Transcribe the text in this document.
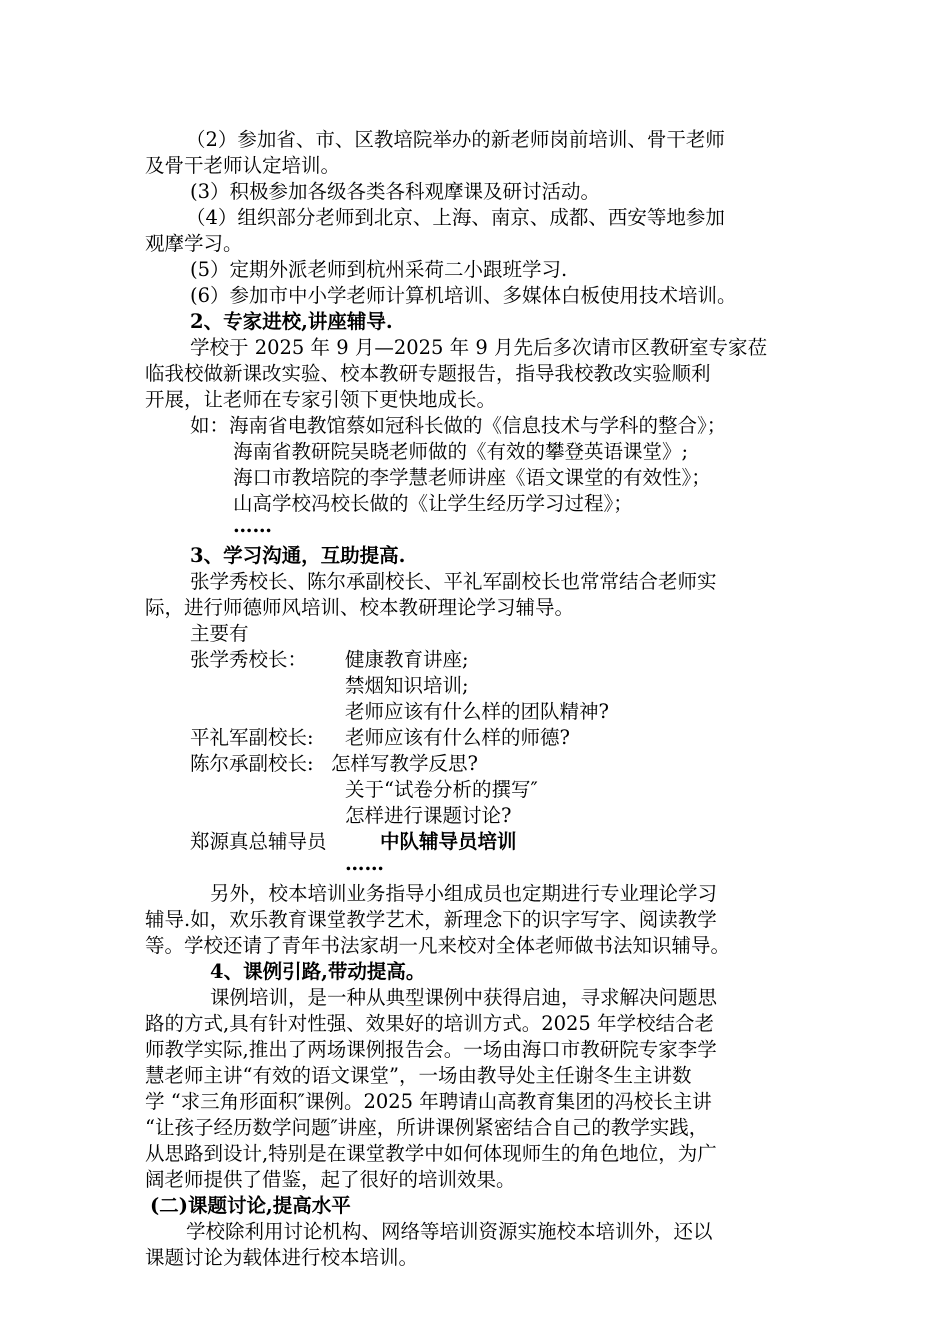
（2）参加省、市、区教培院举办的新老师岗前培训、骨干老师
及骨干老师认定培训。
(3）积极参加各级各类各科观摩课及研讨活动。
（4）组织部分老师到北京、上海、南京、成都、西安等地参加
观摩学习。
(5）定期外派老师到杭州采荷二小跟班学习.
(6）参加市中小学老师计算机培训、多媒体白板使用技术培训。
2、专家进校,讲座辅导.
学校于 2025 年 9 月—2025 年 9 月先后多次请市区教研室专家莅
临我校做新课改实验、校本教研专题报告，指导我校教改实验顺利
开展，让老师在专家引领下更快地成长。
如：海南省电教馆蔡如冠科长做的《信息技术与学科的整合》；
海南省教研院吴晓老师做的《有效的攀登英语课堂》;
海口市教培院的李学慧老师讲座《语文课堂的有效性》；
山高学校冯校长做的《让学生经历学习过程》；
……
3、学习沟通，互助提高.
张学秀校长、陈尔承副校长、平礼军副校长也常常结合老师实
际，进行师德师风培训、校本教研理论学习辅导。
主要有
张学秀校长： 健康教育讲座;
禁烟知识培训;
老师应该有什么样的团队精神?
平礼军副校长: 老师应该有什么样的师德?
陈尔承副校长: 怎样写教学反思?
关于“试卷分析的撰写″
怎样进行课题讨论?
郑源真总辅导员	中队辅导员培训
……
另外，校本培训业务指导小组成员也定期进行专业理论学习
辅导.如，欢乐教育课堂教学艺术，新理念下的识字写字、阅读教学
等。学校还请了青年书法家胡一凡来校对全体老师做书法知识辅导。
4、课例引路,带动提高。
课例培训，是一种从典型课例中获得启迪，寻求解决问题思
路的方式,具有针对性强、效果好的培训方式。2025 年学校结合老
师教学实际,推出了两场课例报告会。一场由海口市教研院专家李学
慧老师主讲“有效的语文课堂”，一场由教导处主任谢冬生主讲数
学 “求三角形面积″课例。2025 年聘请山高教育集团的冯校长主讲
“让孩子经历数学问题″讲座，所讲课例紧密结合自己的教学实践，
从思路到设计,特别是在课堂教学中如何体现师生的角色地位，为广
阔老师提供了借鉴，起了很好的培训效果。
(二)课题讨论,提高水平
学校除利用讨论机构、网络等培训资源实施校本培训外，还以
课题讨论为载体进行校本培训。
